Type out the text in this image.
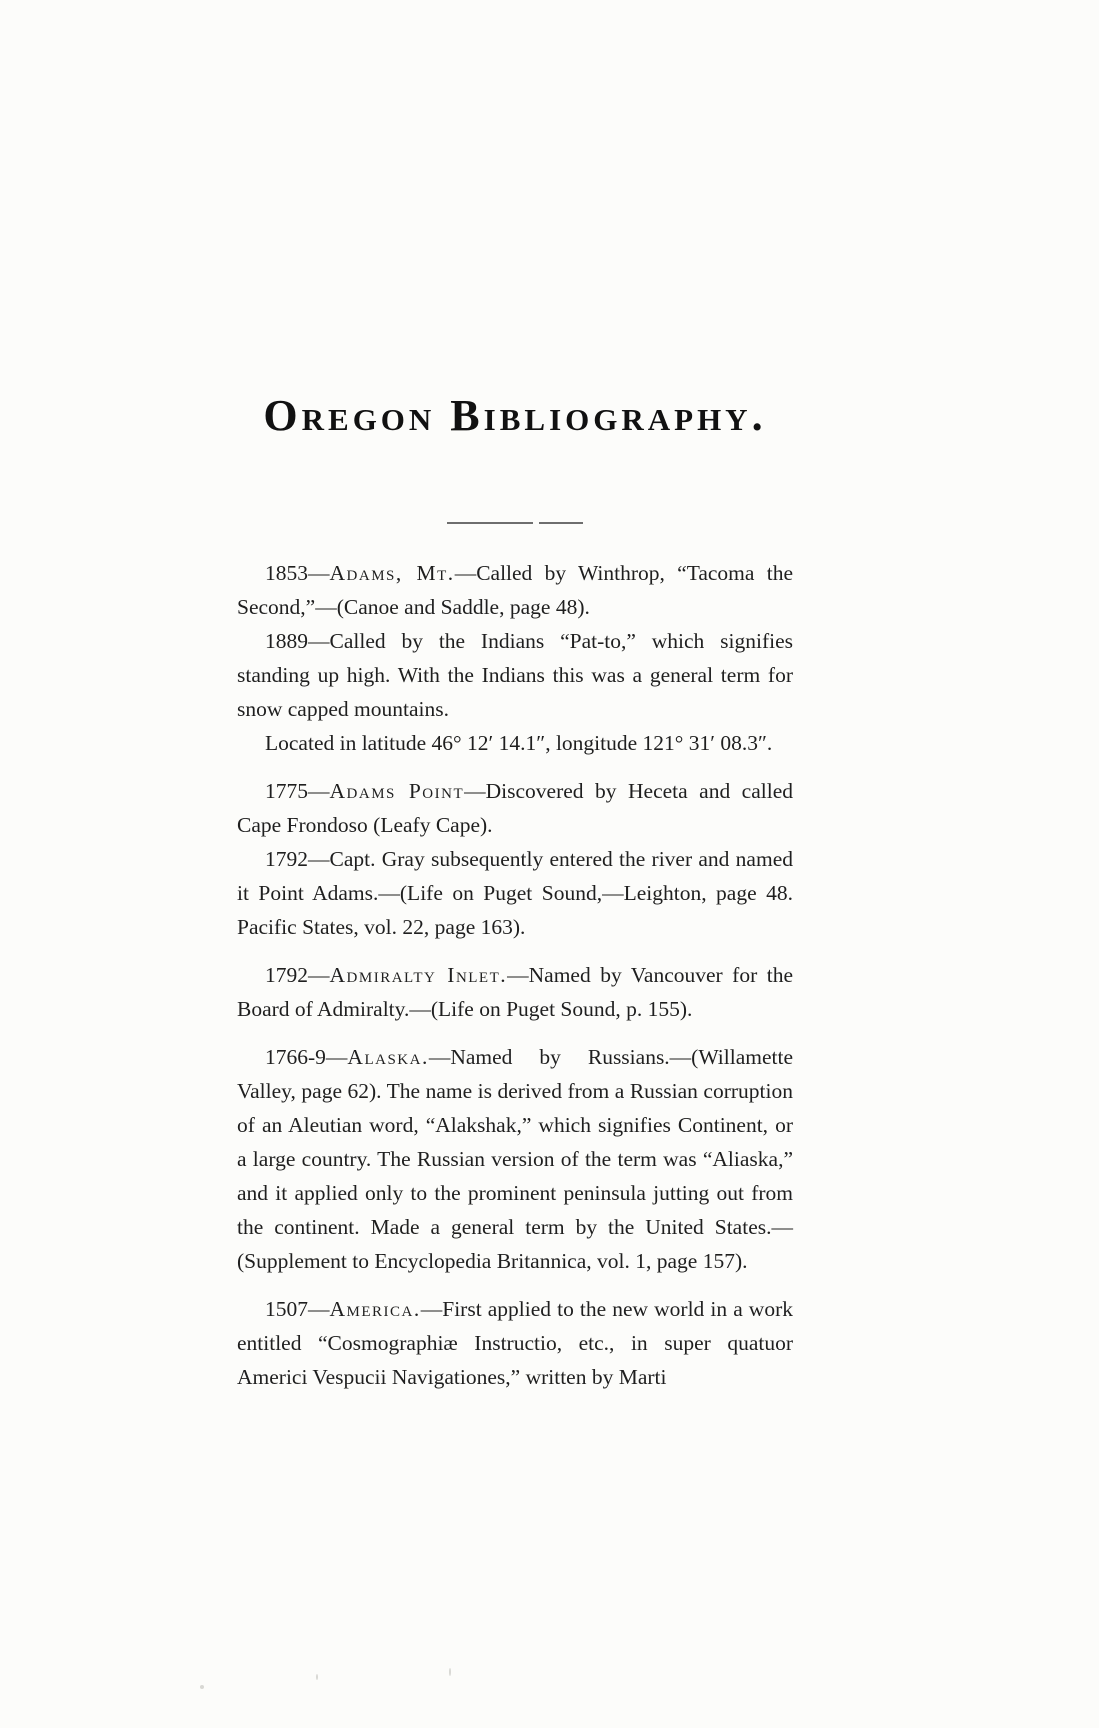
Oregon Bibliography.

1853—Adams, Mt.—Called by Winthrop, “Tacoma the Second,”—(Canoe and Saddle, page 48).

1889—Called by the Indians “Pat-to,” which signifies standing up high. With the Indians this was a general term for snow capped mountains.

Located in latitude 46° 12′ 14.1″, longitude 121° 31′ 08.3″.

1775—Adams Point—Discovered by Heceta and called Cape Frondoso (Leafy Cape).

1792—Capt. Gray subsequently entered the river and named it Point Adams.—(Life on Puget Sound,—Leighton, page 48. Pacific States, vol. 22, page 163).

1792—Admiralty Inlet.—Named by Vancouver for the Board of Admiralty.—(Life on Puget Sound, p. 155).

1766-9—Alaska.—Named by Russians.—(Willamette Valley, page 62). The name is derived from a Russian corruption of an Aleutian word, “Alakshak,” which signifies Continent, or a large country. The Russian version of the term was “Aliaska,” and it applied only to the prominent peninsula jutting out from the continent. Made a general term by the United States.—(Supplement to Encyclopedia Britannica, vol. 1, page 157).

1507—America.—First applied to the new world in a work entitled “Cosmographiæ Instructio, etc., in super quatuor Americi Vespucii Navigationes,” written by Marti
